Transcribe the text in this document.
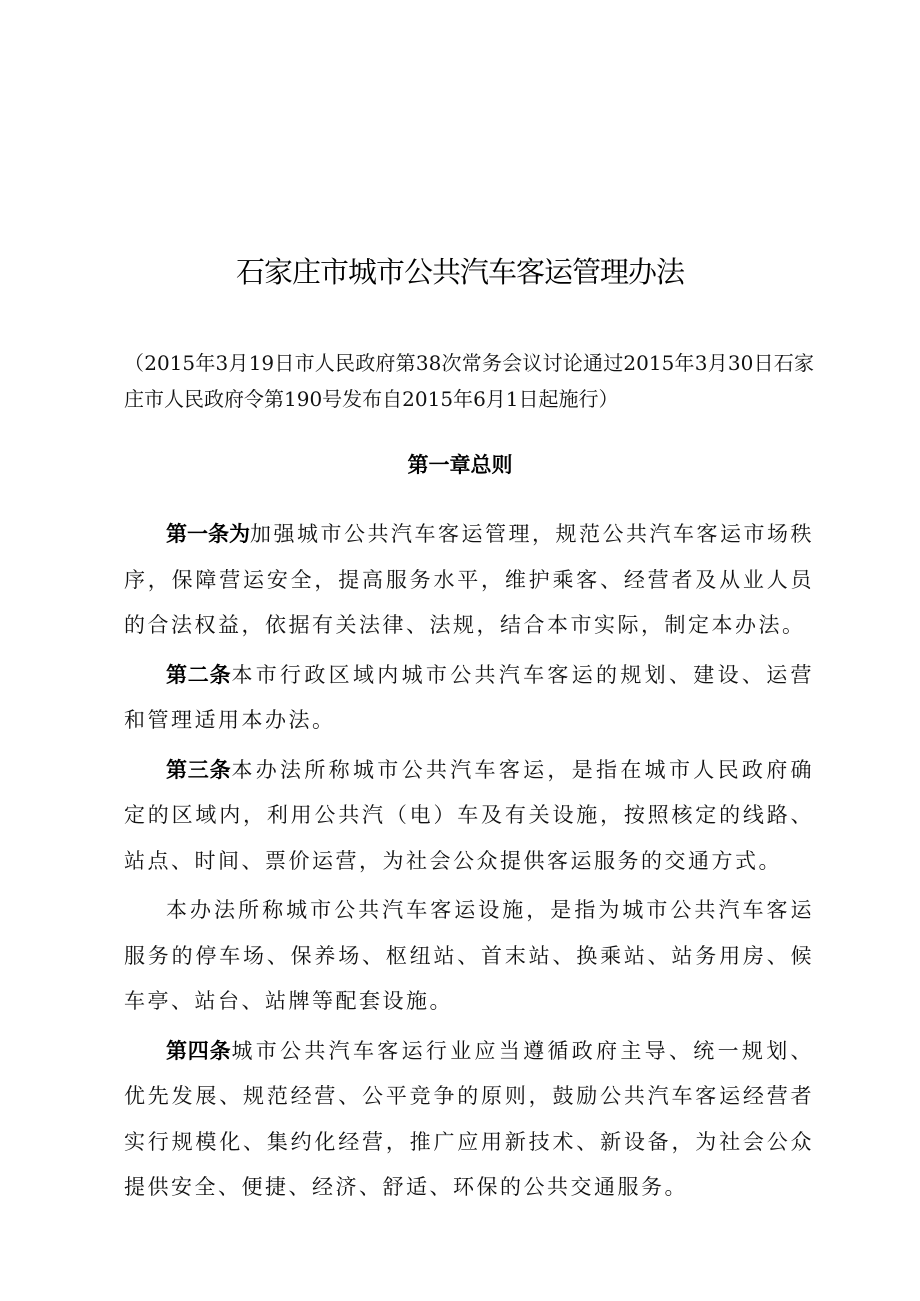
石家庄市城市公共汽车客运管理办法
（2015年3月19日市人民政府第38次常务会议讨论通过2015年3月30日石家庄市人民政府令第190号发布自2015年6月1日起施行）
第一章总则

第一条为加强城市公共汽车客运管理，规范公共汽车客运市场秩序，保障营运安全，提高服务水平，维护乘客、经营者及从业人员的合法权益，依据有关法律、法规，结合本市实际，制定本办法。

第二条本市行政区域内城市公共汽车客运的规划、建设、运营和管理适用本办法。

第三条本办法所称城市公共汽车客运，是指在城市人民政府确定的区域内，利用公共汽（电）车及有关设施，按照核定的线路、站点、时间、票价运营，为社会公众提供客运服务的交通方式。

本办法所称城市公共汽车客运设施，是指为城市公共汽车客运服务的停车场、保养场、枢纽站、首末站、换乘站、站务用房、候车亭、站台、站牌等配套设施。

第四条城市公共汽车客运行业应当遵循政府主导、统一规划、优先发展、规范经营、公平竞争的原则，鼓励公共汽车客运经营者实行规模化、集约化经营，推广应用新技术、新设备，为社会公众提供安全、便捷、经济、舒适、环保的公共交通服务。
